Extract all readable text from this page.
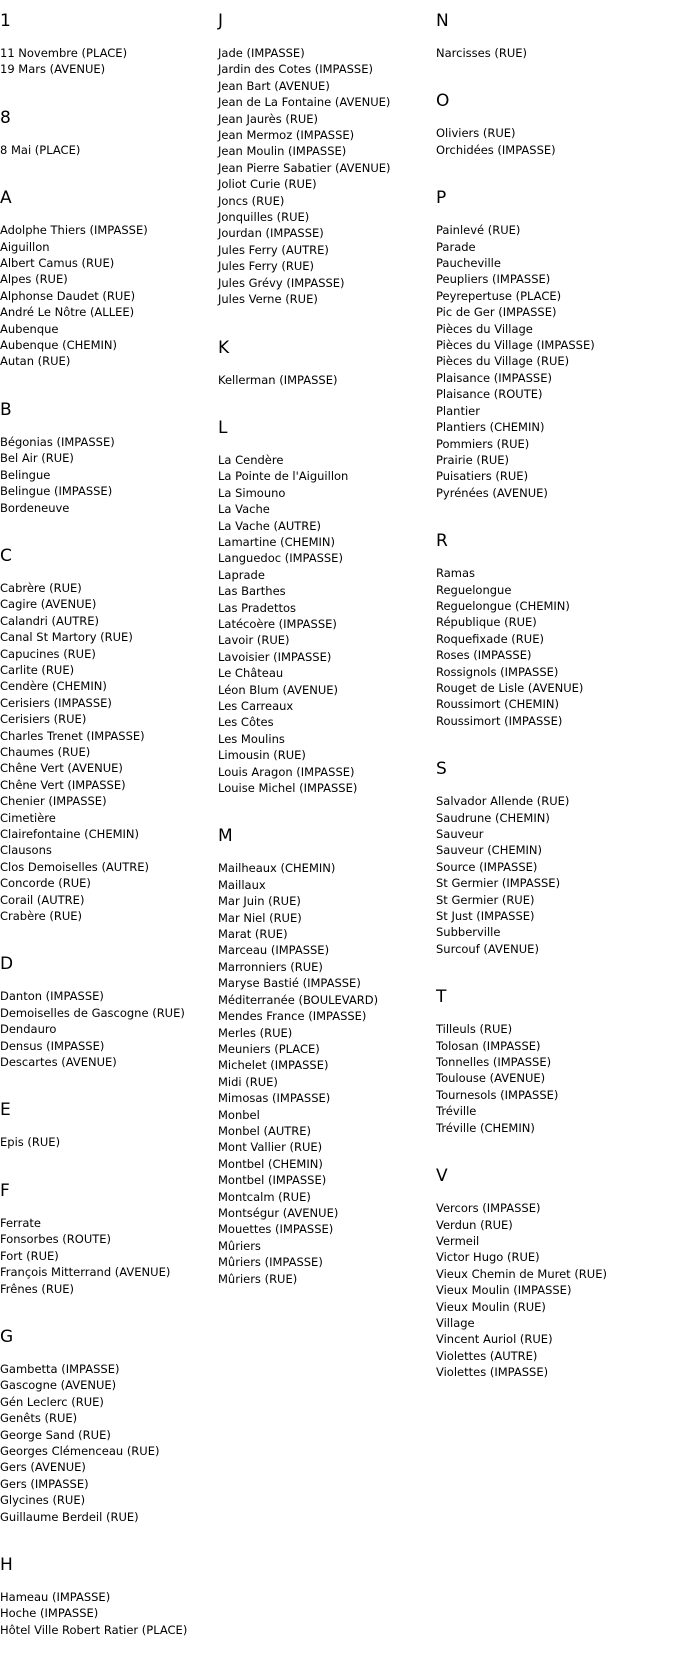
1
11 Novembre (PLACE)
19 Mars (AVENUE)
8
8 Mai (PLACE)
A
Adolphe Thiers (IMPASSE)
Aiguillon
Albert Camus (RUE)
Alpes (RUE)
Alphonse Daudet (RUE)
André Le Nôtre (ALLEE)
Aubenque
Aubenque (CHEMIN)
Autan (RUE)
B
Bégonias (IMPASSE)
Bel Air (RUE)
Belingue
Belingue (IMPASSE)
Bordeneuve
C
Cabrère (RUE)
Cagire (AVENUE)
Calandri (AUTRE)
Canal St Martory (RUE)
Capucines (RUE)
Carlite (RUE)
Cendère (CHEMIN)
Cerisiers (IMPASSE)
Cerisiers (RUE)
Charles Trenet (IMPASSE)
Chaumes (RUE)
Chêne Vert (AVENUE)
Chêne Vert (IMPASSE)
Chenier (IMPASSE)
Cimetière
Clairefontaine (CHEMIN)
Clausons
Clos Demoiselles (AUTRE)
Concorde (RUE)
Corail (AUTRE)
Crabère (RUE)
D
Danton (IMPASSE)
Demoiselles de Gascogne (RUE)
Dendauro
Densus (IMPASSE)
Descartes (AVENUE)
E
Epis (RUE)
F
Ferrate
Fonsorbes (ROUTE)
Fort (RUE)
François Mitterrand (AVENUE)
Frênes (RUE)
G
Gambetta (IMPASSE)
Gascogne (AVENUE)
Gén Leclerc (RUE)
Genêts (RUE)
George Sand (RUE)
Georges Clémenceau (RUE)
Gers (AVENUE)
Gers (IMPASSE)
Glycines (RUE)
Guillaume Berdeil (RUE)
H
Hameau (IMPASSE)
Hoche (IMPASSE)
Hôtel Ville Robert Ratier (PLACE)
J
Jade (IMPASSE)
Jardin des Cotes (IMPASSE)
Jean Bart (AVENUE)
Jean de La Fontaine (AVENUE)
Jean Jaurès (RUE)
Jean Mermoz (IMPASSE)
Jean Moulin (IMPASSE)
Jean Pierre Sabatier (AVENUE)
Joliot Curie (RUE)
Joncs (RUE)
Jonquilles (RUE)
Jourdan (IMPASSE)
Jules Ferry (AUTRE)
Jules Ferry (RUE)
Jules Grévy (IMPASSE)
Jules Verne (RUE)
K
Kellerman (IMPASSE)
L
La Cendère
La Pointe de l'Aiguillon
La Simouno
La Vache
La Vache (AUTRE)
Lamartine (CHEMIN)
Languedoc (IMPASSE)
Laprade
Las Barthes
Las Pradettos
Latécoère (IMPASSE)
Lavoir (RUE)
Lavoisier (IMPASSE)
Le Château
Léon Blum (AVENUE)
Les Carreaux
Les Côtes
Les Moulins
Limousin (RUE)
Louis Aragon (IMPASSE)
Louise Michel (IMPASSE)
M
Mailheaux (CHEMIN)
Maillaux
Mar Juin (RUE)
Mar Niel (RUE)
Marat (RUE)
Marceau (IMPASSE)
Marronniers (RUE)
Maryse Bastié (IMPASSE)
Méditerranée (BOULEVARD)
Mendes France (IMPASSE)
Merles (RUE)
Meuniers (PLACE)
Michelet (IMPASSE)
Midi (RUE)
Mimosas (IMPASSE)
Monbel
Monbel (AUTRE)
Mont Vallier (RUE)
Montbel (CHEMIN)
Montbel (IMPASSE)
Montcalm (RUE)
Montségur (AVENUE)
Mouettes (IMPASSE)
Mûriers
Mûriers (IMPASSE)
Mûriers (RUE)
N
Narcisses (RUE)
O
Oliviers (RUE)
Orchidées (IMPASSE)
P
Painlevé (RUE)
Parade
Paucheville
Peupliers (IMPASSE)
Peyrepertuse (PLACE)
Pic de Ger (IMPASSE)
Pièces du Village
Pièces du Village (IMPASSE)
Pièces du Village (RUE)
Plaisance (IMPASSE)
Plaisance (ROUTE)
Plantier
Plantiers (CHEMIN)
Pommiers (RUE)
Prairie (RUE)
Puisatiers (RUE)
Pyrénées (AVENUE)
R
Ramas
Reguelongue
Reguelongue (CHEMIN)
République (RUE)
Roquefixade (RUE)
Roses (IMPASSE)
Rossignols (IMPASSE)
Rouget de Lisle (AVENUE)
Roussimort (CHEMIN)
Roussimort (IMPASSE)
S
Salvador Allende (RUE)
Saudrune (CHEMIN)
Sauveur
Sauveur (CHEMIN)
Source (IMPASSE)
St Germier (IMPASSE)
St Germier (RUE)
St Just (IMPASSE)
Subberville
Surcouf (AVENUE)
T
Tilleuls (RUE)
Tolosan (IMPASSE)
Tonnelles (IMPASSE)
Toulouse (AVENUE)
Tournesols (IMPASSE)
Tréville
Tréville (CHEMIN)
V
Vercors (IMPASSE)
Verdun (RUE)
Vermeil
Victor Hugo (RUE)
Vieux Chemin de Muret (RUE)
Vieux Moulin (IMPASSE)
Vieux Moulin (RUE)
Village
Vincent Auriol (RUE)
Violettes (AUTRE)
Violettes (IMPASSE)
